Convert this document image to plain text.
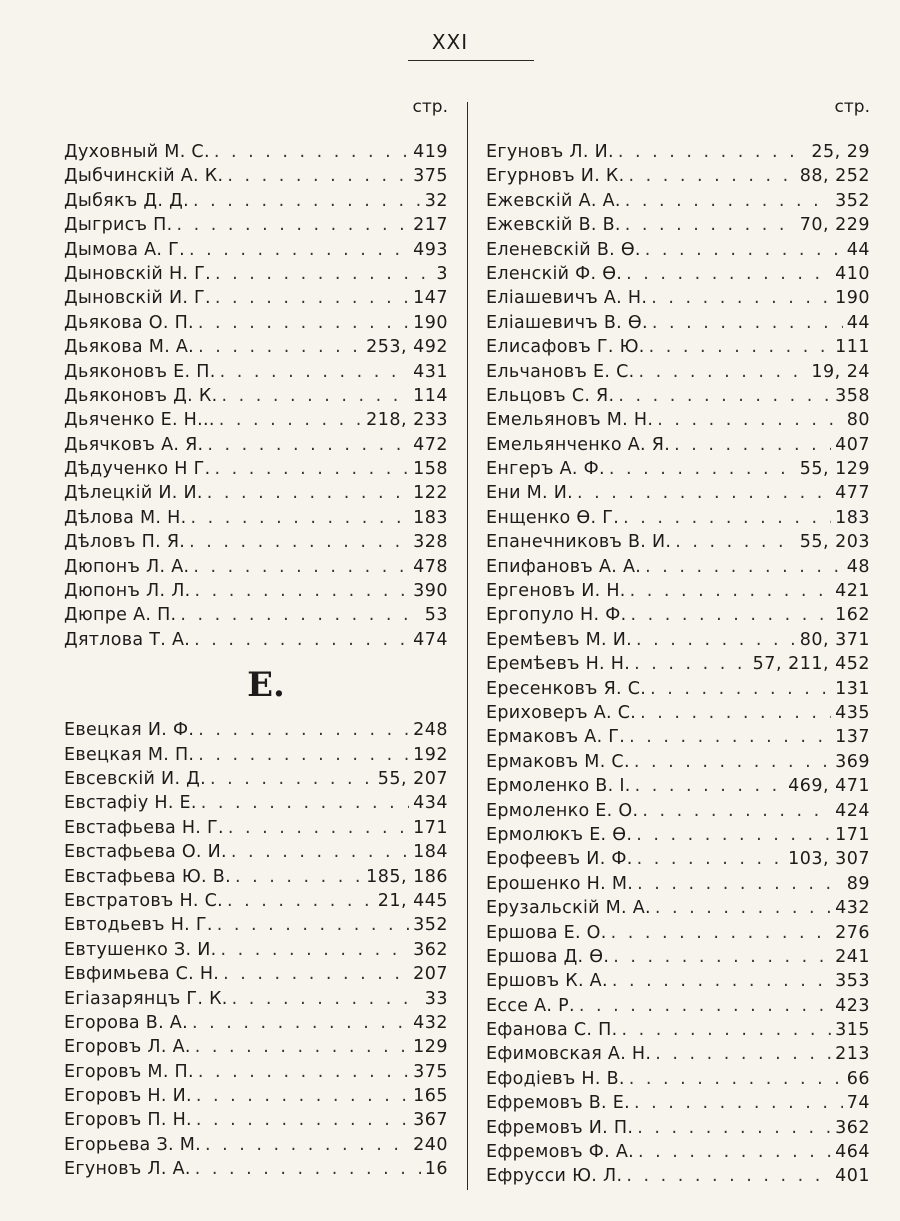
XXI
стр.
Духовный М. С. . . .	419
Дыбчинскій А. К. . . .	375
Дыбякъ Д. Д. . . .	32
Дыгрисъ П. . . .	217
Дымова А. Г. . . .	493
Дыновскій Н. Г. . . .	3
Дыновскій И. Г. . . .	147
Дьякова О. П. . . .	190
Дьякова М. А. . . .	253, 492
Дьяконовъ Е. П. . . .	431
Дьяконовъ Д. К. . . .	114
Дьяченко Е. Н... . . .	218, 233
Дьячковъ А. Я. . . .	472
Дѣдученко Н Г. . . .	158
Дѣлецкій И. И. . . .	122
Дѣлова М. Н. . . .	183
Дѣловъ П. Я. . . .	328
Дюпонъ Л. А. . . .	478
Дюпонъ Л. Л. . . .	390
Дюпре А. П. . . .	53
Дятлова Т. А. . . .	474
Е.
Евецкая И. Ф. . . .	248
Евецкая М. П. . . .	192
Евсевскій И. Д. . . .	55, 207
Евстафіу Н. Е. . . .	434
Евстафьева Н. Г. . . .	171
Евстафьева О. И. . . .	184
Евстафьева Ю. В. . . .	185, 186
Евстратовъ Н. С. . . .	21, 445
Евтодьевъ Н. Г. . . .	352
Евтушенко З. И. . . .	362
Евфимьева С. Н. . . .	207
Егіазарянцъ Г. К. . . .	33
Егорова В. А. . . .	432
Егоровъ Л. А. . . .	129
Егоровъ М. П. . . .	375
Егоровъ Н. И. . . .	165
Егоровъ П. Н. . . .	367
Егорьева З. М. . . .	240
Егуновъ Л. А. . . .	16
стр.
Егуновъ Л. И. . . .	25, 29
Егурновъ И. К. . . .	88, 252
Ежевскій А. А. . . .	352
Ежевскій В. В. . . .	70, 229
Еленевскій В. Ѳ. . . .	44
Еленскій Ф. Ѳ. . . .	410
Еліашевичъ А. Н. . . .	190
Еліашевичъ В. Ѳ. . . .	44
Елисафовъ Г. Ю. . . .	111
Ельчановъ Е. С. . . .	19, 24
Ельцовъ С. Я. . . .	358
Емельяновъ М. Н. . . .	80
Емельянченко А. Я. . . .	407
Енгеръ А. Ф. . . .	55, 129
Ени М. И. . . .	477
Енщенко Ѳ. Г. . . .	183
Епанечниковъ В. И. . . .	55, 203
Епифановъ А. А. . . .	48
Ергеновъ И. Н. . . .	421
Ергопуло Н. Ф. . . .	162
Еремѣевъ М. И. . . .	80, 371
Еремѣевъ Н. Н. . . .	57, 211, 452
Ересенковъ Я. С. . . .	131
Ериховеръ А. С. . . .	435
Ермаковъ А. Г. . . .	137
Ермаковъ М. С. . . .	369
Ермоленко В. І. . . .	469, 471
Ермоленко Е. О. . . .	424
Ермолюкъ Е. Ѳ. . . .	171
Ерофеевъ И. Ф. . . .	103, 307
Ерошенко Н. М. . . .	89
Ерузальскій М. А. . . .	432
Ершова Е. О. . . .	276
Ершова Д. Ѳ. . . .	241
Ершовъ К. А. . . .	353
Ессе А. Р. . . .	423
Ефанова С. П. . . .	315
Ефимовская А. Н. . . .	213
Ефодіевъ Н. В. . . .	66
Ефремовъ В. Е. . . .	74
Ефремовъ И. П. . . .	362
Ефремовъ Ф. А. . . .	464
Ефрусси Ю. Л. . . .	401
